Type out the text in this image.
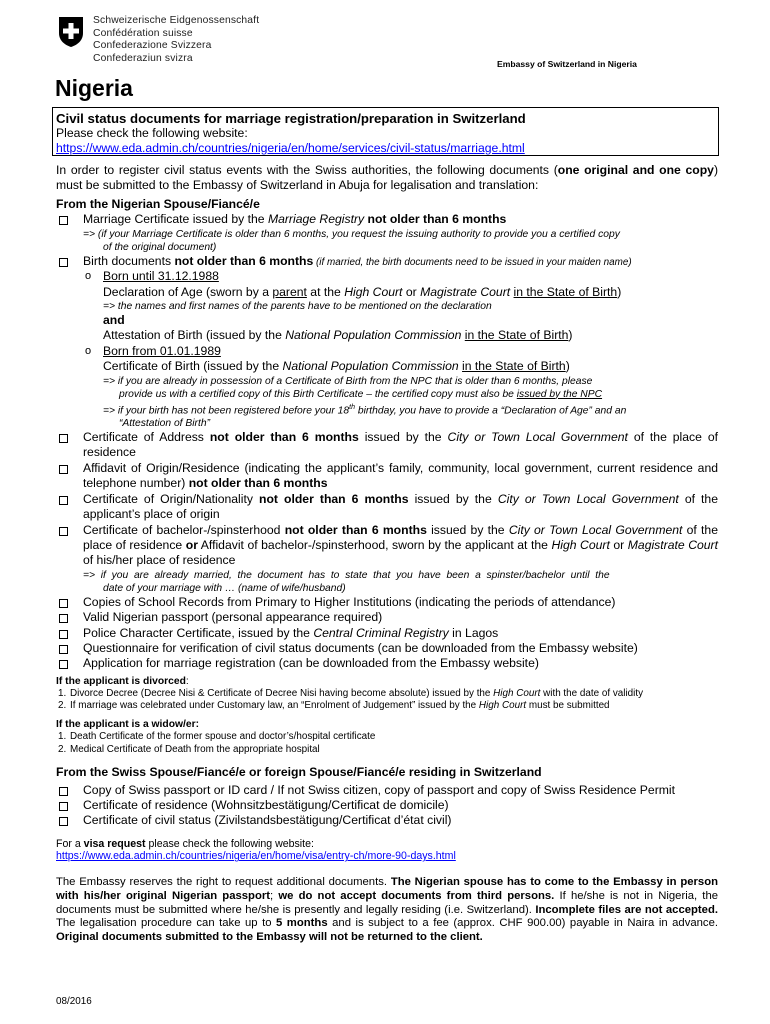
Schweizerische Eidgenossenschaft
Confédération suisse
Confederazione Svizzera
Confederaziun svizra
Embassy of Switzerland in Nigeria
Nigeria
Civil status documents for marriage registration/preparation in Switzerland
Please check the following website:
https://www.eda.admin.ch/countries/nigeria/en/home/services/civil-status/marriage.html

In order to register civil status events with the Swiss authorities, the following documents (one original and one copy) must be submitted to the Embassy of Switzerland in Abuja for legalisation and translation:

From the Nigerian Spouse/Fiancé/e
Marriage Certificate issued by the Marriage Registry not older than 6 months
=> (if your Marriage Certificate is older than 6 months, you request the issuing authority to provide you a certified copy
of the original document)
Birth documents not older than 6 months (if married, the birth documents need to be issued in your maiden name)
o Born until 31.12.1988
Declaration of Age (sworn by a parent at the High Court or Magistrate Court in the State of Birth)
=> the names and first names of the parents have to be mentioned on the declaration
and
Attestation of Birth (issued by the National Population Commission in the State of Birth)
o Born from 01.01.1989
Certificate of Birth (issued by the National Population Commission in the State of Birth)
=> if you are already in possession of a Certificate of Birth from the NPC that is older than 6 months, please
provide us with a certified copy of this Birth Certificate – the certified copy must also be issued by the NPC
=> if your birth has not been registered before your 18th birthday, you have to provide a “Declaration of Age” and an
“Attestation of Birth”
Certificate of Address not older than 6 months issued by the City or Town Local Government of the place of residence
Affidavit of Origin/Residence (indicating the applicant’s family, community, local government, current residence and telephone number) not older than 6 months
Certificate of Origin/Nationality not older than 6 months issued by the City or Town Local Government of the applicant’s place of origin
Certificate of bachelor-/spinsterhood not older than 6 months issued by the City or Town Local Government of the place of residence or Affidavit of bachelor-/spinsterhood, sworn by the applicant at the High Court or Magistrate Court of his/her place of residence
=>  if  you  are  already  married,  the  document  has  to  state  that  you  have  been  a  spinster/bachelor  until  the
date of your marriage with … (name of wife/husband)
Copies of School Records from Primary to Higher Institutions (indicating the periods of attendance)
Valid Nigerian passport (personal appearance required)
Police Character Certificate, issued by the Central Criminal Registry in Lagos
Questionnaire for verification of civil status documents (can be downloaded from the Embassy website)
Application for marriage registration (can be downloaded from the Embassy website)
If the applicant is divorced:
1. Divorce Decree (Decree Nisi & Certificate of Decree Nisi having become absolute) issued by the High Court with the date of validity
2. If marriage was celebrated under Customary law, an “Enrolment of Judgement” issued by the High Court must be submitted
If the applicant is a widow/er:
1. Death Certificate of the former spouse and doctor’s/hospital certificate
2. Medical Certificate of Death from the appropriate hospital
From the Swiss Spouse/Fiancé/e or foreign Spouse/Fiancé/e residing in Switzerland
Copy of Swiss passport or ID card / If not Swiss citizen, copy of passport and copy of Swiss Residence Permit
Certificate of residence (Wohnsitzbestätigung/Certificat de domicile)
Certificate of civil status (Zivilstandsbestätigung/Certificat d’état civil)
For a visa request please check the following website:
https://www.eda.admin.ch/countries/nigeria/en/home/visa/entry-ch/more-90-days.html

The Embassy reserves the right to request additional documents. The Nigerian spouse has to come to the Embassy in person with his/her original Nigerian passport; we do not accept documents from third persons. If he/she is not in Nigeria, the documents must be submitted where he/she is presently and legally residing (i.e. Switzerland). Incomplete files are not accepted. The legalisation procedure can take up to 5 months and is subject to a fee (approx. CHF 900.00) payable in Naira in advance. Original documents submitted to the Embassy will not be returned to the client.

08/2016
